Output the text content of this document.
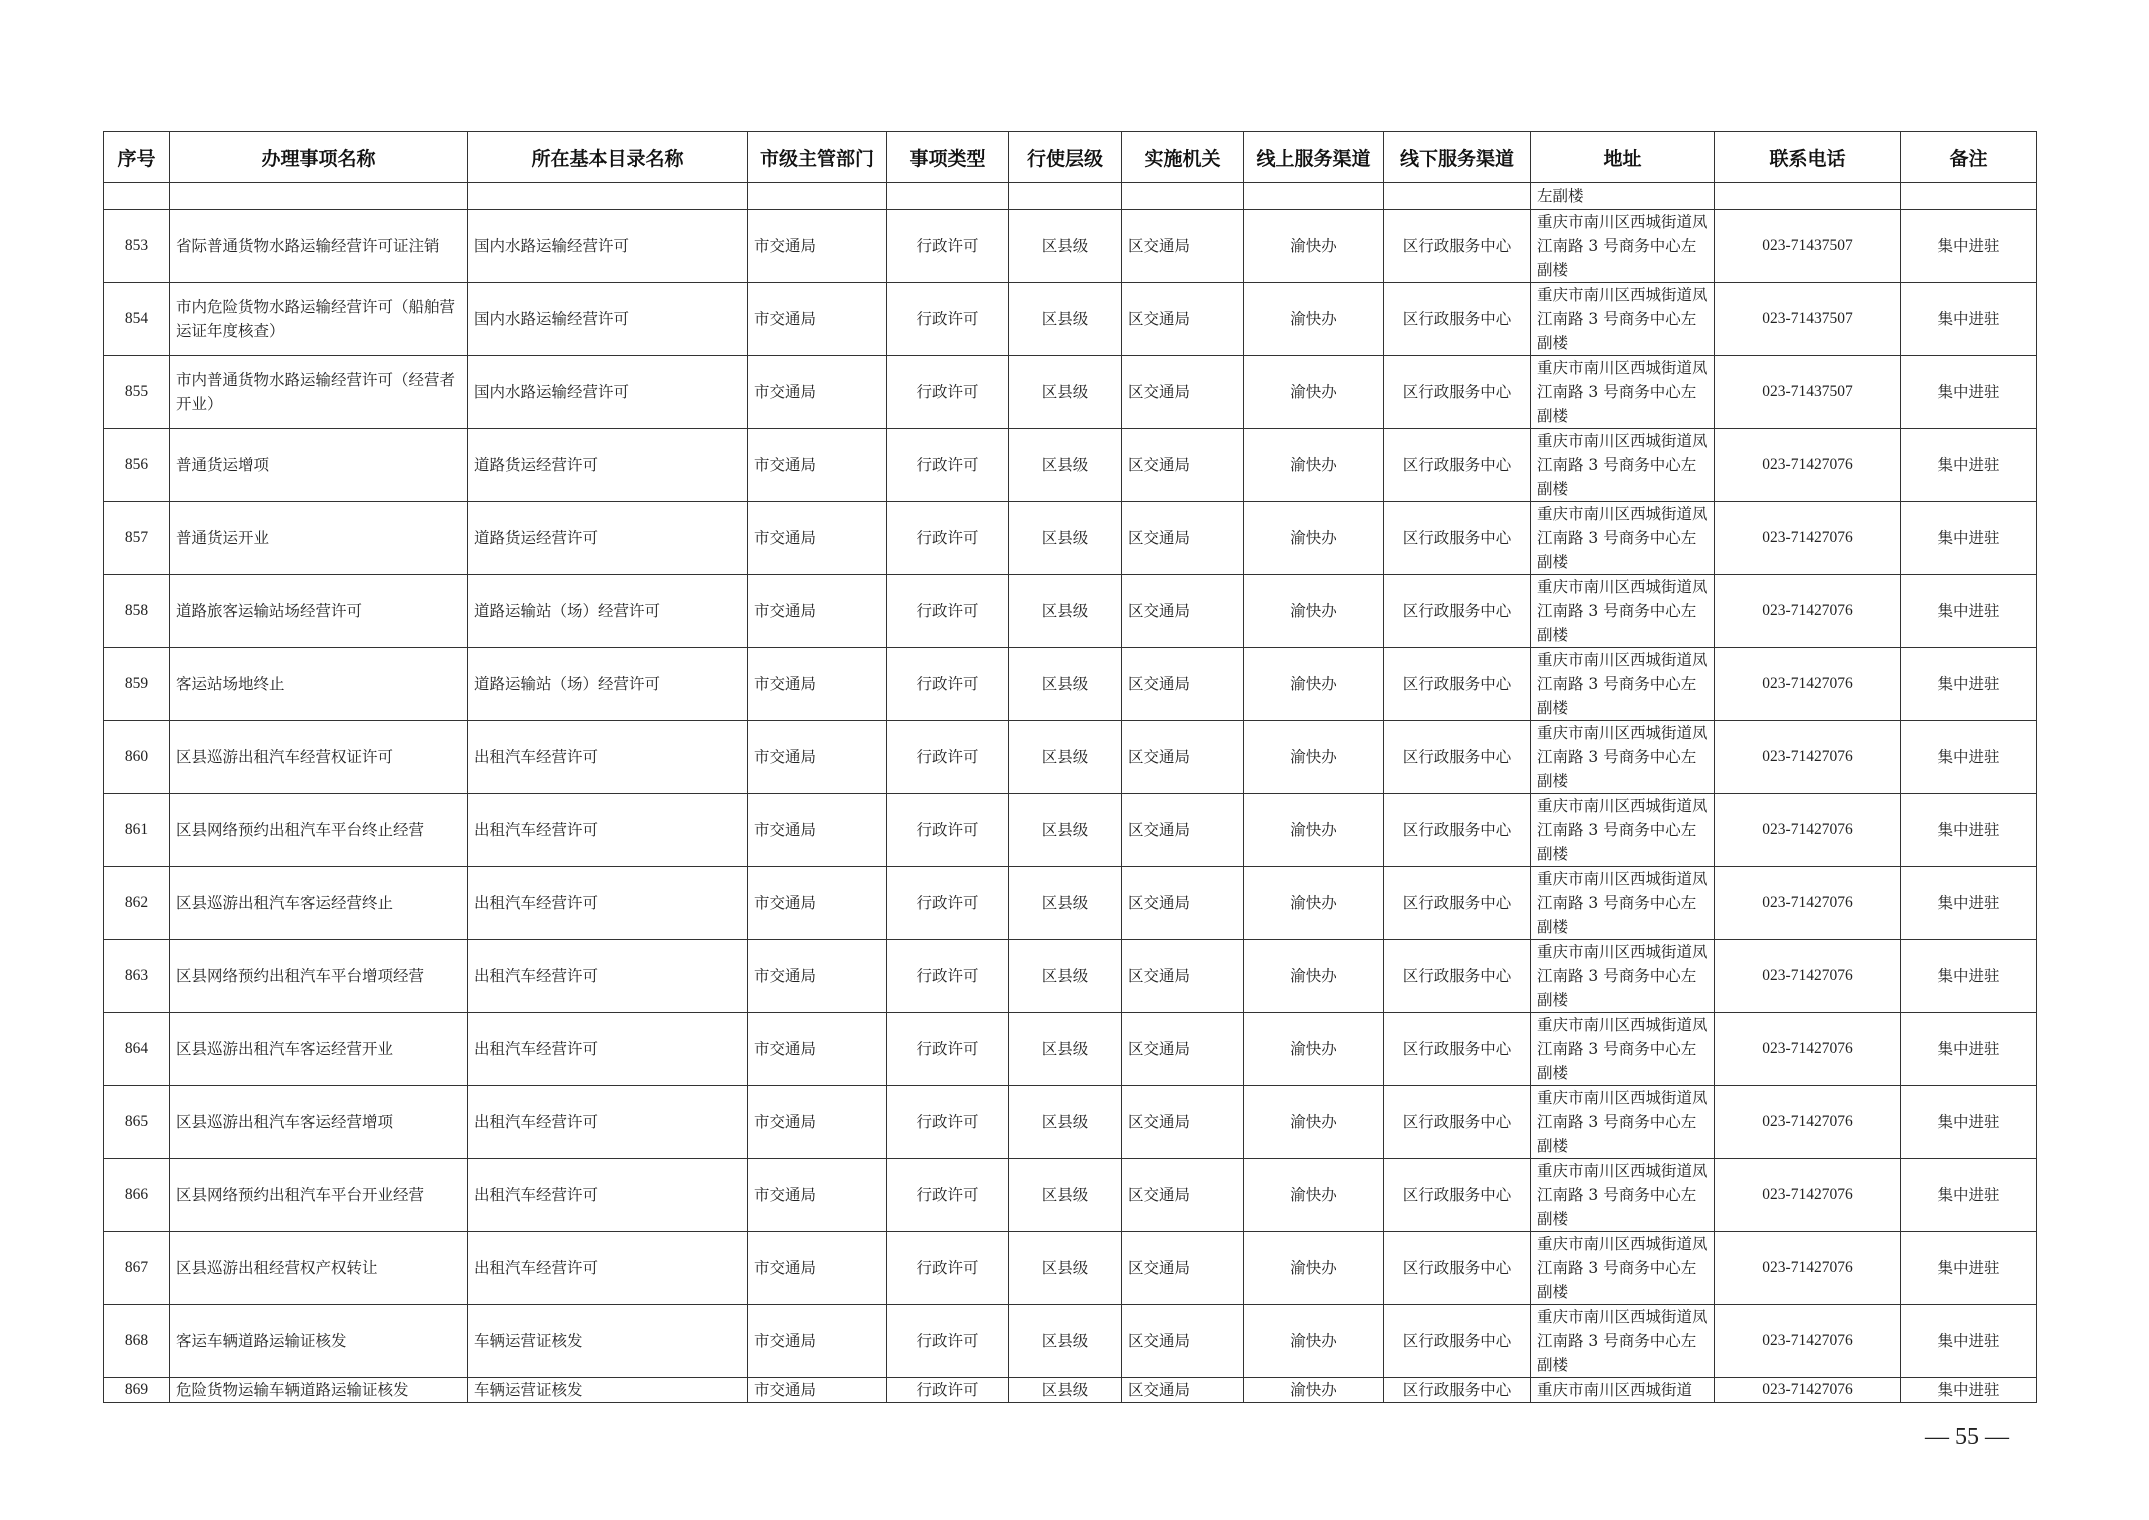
序号	办理事项名称	所在基本目录名称	市级主管部门	事项类型	行使层级	实施机关	线上服务渠道	线下服务渠道	地址	联系电话	备注
									左副楼		
853	省际普通货物水路运输经营许可证注销	国内水路运输经营许可	市交通局	行政许可	区县级	区交通局	渝快办	区行政服务中心	重庆市南川区西城街道凤江南路 3 号商务中心左副楼	023-71437507	集中进驻
854	市内危险货物水路运输经营许可（船舶营运证年度核查）	国内水路运输经营许可	市交通局	行政许可	区县级	区交通局	渝快办	区行政服务中心	重庆市南川区西城街道凤江南路 3 号商务中心左副楼	023-71437507	集中进驻
855	市内普通货物水路运输经营许可（经营者开业）	国内水路运输经营许可	市交通局	行政许可	区县级	区交通局	渝快办	区行政服务中心	重庆市南川区西城街道凤江南路 3 号商务中心左副楼	023-71437507	集中进驻
856	普通货运增项	道路货运经营许可	市交通局	行政许可	区县级	区交通局	渝快办	区行政服务中心	重庆市南川区西城街道凤江南路 3 号商务中心左副楼	023-71427076	集中进驻
857	普通货运开业	道路货运经营许可	市交通局	行政许可	区县级	区交通局	渝快办	区行政服务中心	重庆市南川区西城街道凤江南路 3 号商务中心左副楼	023-71427076	集中进驻
858	道路旅客运输站场经营许可	道路运输站（场）经营许可	市交通局	行政许可	区县级	区交通局	渝快办	区行政服务中心	重庆市南川区西城街道凤江南路 3 号商务中心左副楼	023-71427076	集中进驻
859	客运站场地终止	道路运输站（场）经营许可	市交通局	行政许可	区县级	区交通局	渝快办	区行政服务中心	重庆市南川区西城街道凤江南路 3 号商务中心左副楼	023-71427076	集中进驻
860	区县巡游出租汽车经营权证许可	出租汽车经营许可	市交通局	行政许可	区县级	区交通局	渝快办	区行政服务中心	重庆市南川区西城街道凤江南路 3 号商务中心左副楼	023-71427076	集中进驻
861	区县网络预约出租汽车平台终止经营	出租汽车经营许可	市交通局	行政许可	区县级	区交通局	渝快办	区行政服务中心	重庆市南川区西城街道凤江南路 3 号商务中心左副楼	023-71427076	集中进驻
862	区县巡游出租汽车客运经营终止	出租汽车经营许可	市交通局	行政许可	区县级	区交通局	渝快办	区行政服务中心	重庆市南川区西城街道凤江南路 3 号商务中心左副楼	023-71427076	集中进驻
863	区县网络预约出租汽车平台增项经营	出租汽车经营许可	市交通局	行政许可	区县级	区交通局	渝快办	区行政服务中心	重庆市南川区西城街道凤江南路 3 号商务中心左副楼	023-71427076	集中进驻
864	区县巡游出租汽车客运经营开业	出租汽车经营许可	市交通局	行政许可	区县级	区交通局	渝快办	区行政服务中心	重庆市南川区西城街道凤江南路 3 号商务中心左副楼	023-71427076	集中进驻
865	区县巡游出租汽车客运经营增项	出租汽车经营许可	市交通局	行政许可	区县级	区交通局	渝快办	区行政服务中心	重庆市南川区西城街道凤江南路 3 号商务中心左副楼	023-71427076	集中进驻
866	区县网络预约出租汽车平台开业经营	出租汽车经营许可	市交通局	行政许可	区县级	区交通局	渝快办	区行政服务中心	重庆市南川区西城街道凤江南路 3 号商务中心左副楼	023-71427076	集中进驻
867	区县巡游出租经营权产权转让	出租汽车经营许可	市交通局	行政许可	区县级	区交通局	渝快办	区行政服务中心	重庆市南川区西城街道凤江南路 3 号商务中心左副楼	023-71427076	集中进驻
868	客运车辆道路运输证核发	车辆运营证核发	市交通局	行政许可	区县级	区交通局	渝快办	区行政服务中心	重庆市南川区西城街道凤江南路 3 号商务中心左副楼	023-71427076	集中进驻
869	危险货物运输车辆道路运输证核发	车辆运营证核发	市交通局	行政许可	区县级	区交通局	渝快办	区行政服务中心	重庆市南川区西城街道	023-71427076	集中进驻
— 55 —
